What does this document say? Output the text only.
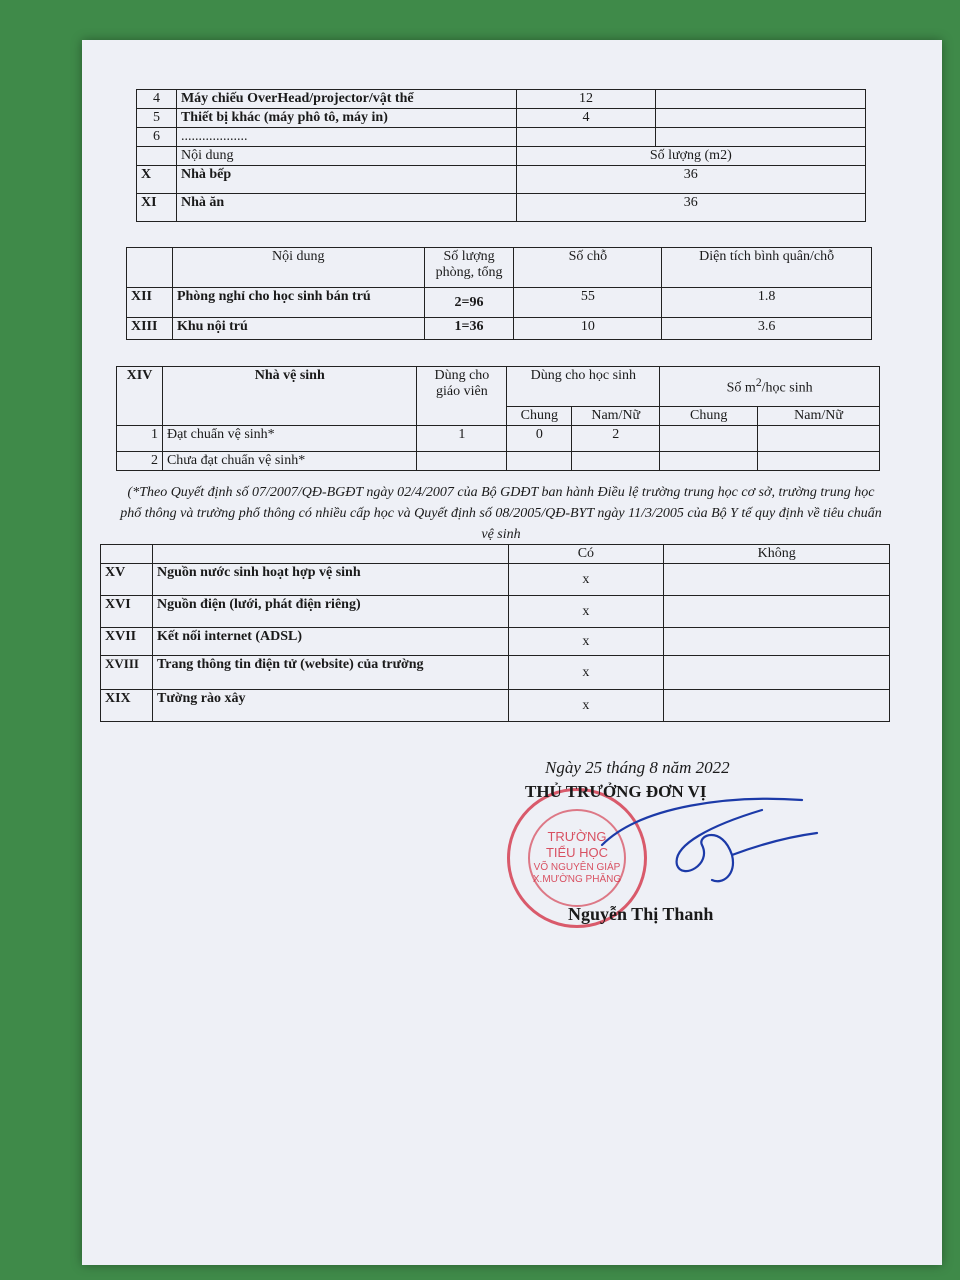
4	Máy chiếu OverHead/projector/vật thể	12	
5	Thiết bị khác (máy phô tô, máy in)	4	
6	...................		
	Nội dung	Số lượng (m2)	
X	Nhà bếp	36	
XI	Nhà ăn	36	
	Nội dung	Số lượng phòng, tổng	Số chỗ	Diện tích bình quân/chỗ
XII	Phòng nghỉ cho học sinh bán trú	2=96	55	1.8
XIII	Khu nội trú	1=36	10	3.6
XIV	Nhà vệ sinh	Dùng cho giáo viên	Dùng cho học sinh		Số $m^2$/học sinh	
			Chung	Nam/Nữ	Chung	Nam/Nữ
1	Đạt chuẩn vệ sinh*	1	0	2		
2	Chưa đạt chuẩn vệ sinh*					
(*Theo Quyết định số 07/2007/QĐ-BGĐT ngày 02/4/2007 của Bộ GDĐT ban hành Điều lệ trường trung học cơ sở, trường trung học phổ thông và trường phổ thông có nhiều cấp học và Quyết định số 08/2005/QĐ-BYT ngày 11/3/2005 của Bộ Y tế quy định về tiêu chuẩn vệ sinh
		Có	Không
XV	Nguồn nước sinh hoạt hợp vệ sinh	x	
XVI	Nguồn điện (lưới, phát điện riêng)	x	
XVII	Kết nối internet (ADSL)	x	
XVIII	Trang thông tin điện tử (website) của trường	x	
XIX	Tường rào xây	x	
TRƯỜNG
TIỂU HỌC
VÕ NGUYÊN GIÁP
X.MƯỜNG PHĂNG
Ngày 25 tháng 8 năm 2022
THỦ TRƯỞNG ĐƠN VỊ
Nguyễn Thị Thanh
